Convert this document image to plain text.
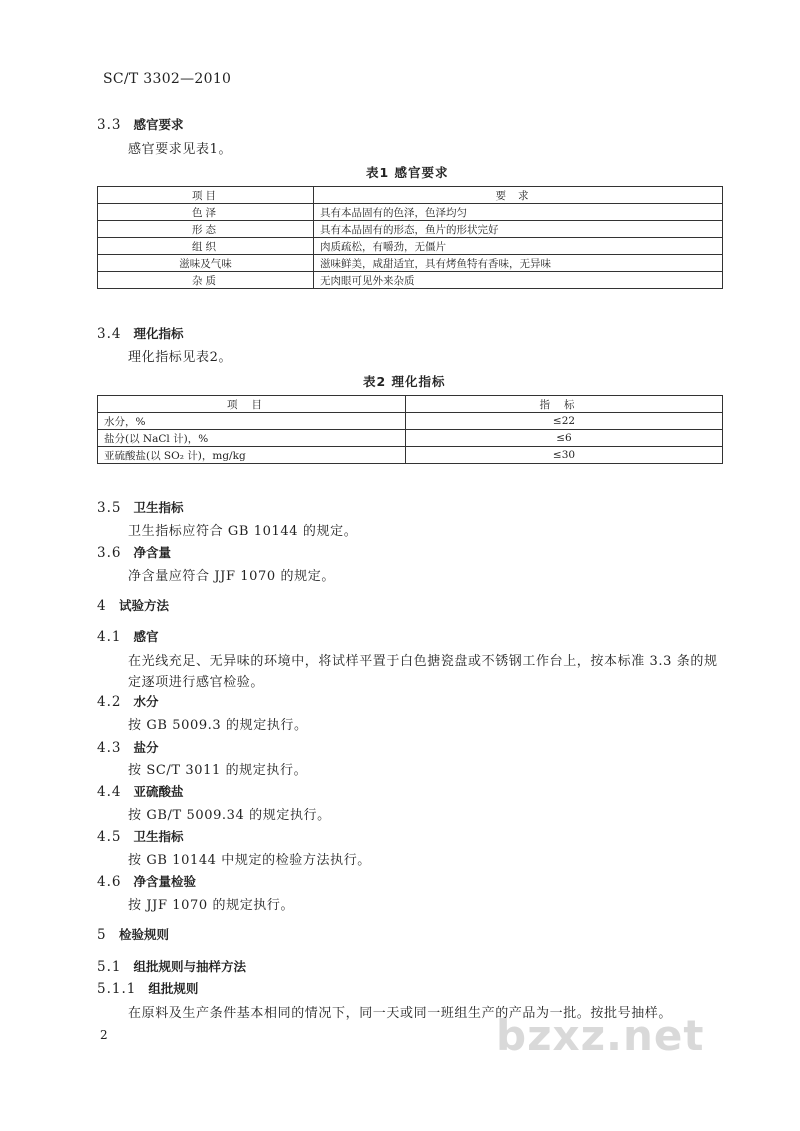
SC/T 3302—2010
3.3 感官要求
感官要求见表1。
表1 感官要求
项目	要求
色泽	具有本品固有的色泽，色泽均匀
形态	具有本品固有的形态，鱼片的形状完好
组织	肉质疏松，有嚼劲，无僵片
滋味及气味	滋味鲜美，咸甜适宜，具有烤鱼特有香味，无异味
杂质	无肉眼可见外来杂质
3.4 理化指标
理化指标见表2。
表2 理化指标
项目	指标
水分，%	≤22
盐分(以 NaCl 计)，%	≤6
亚硫酸盐(以 SO₂ 计)，mg/kg	≤30
3.5 卫生指标
卫生指标应符合 GB 10144 的规定。
3.6 净含量
净含量应符合 JJF 1070 的规定。
4 试验方法
4.1 感官
在光线充足、无异味的环境中，将试样平置于白色搪瓷盘或不锈钢工作台上，按本标准 3.3 条的规
定逐项进行感官检验。
4.2 水分
按 GB 5009.3 的规定执行。
4.3 盐分
按 SC/T 3011 的规定执行。
4.4 亚硫酸盐
按 GB/T 5009.34 的规定执行。
4.5 卫生指标
按 GB 10144 中规定的检验方法执行。
4.6 净含量检验
按 JJF 1070 的规定执行。
5 检验规则
5.1 组批规则与抽样方法
5.1.1 组批规则
在原料及生产条件基本相同的情况下，同一天或同一班组生产的产品为一批。按批号抽样。
2	bzxz.net
